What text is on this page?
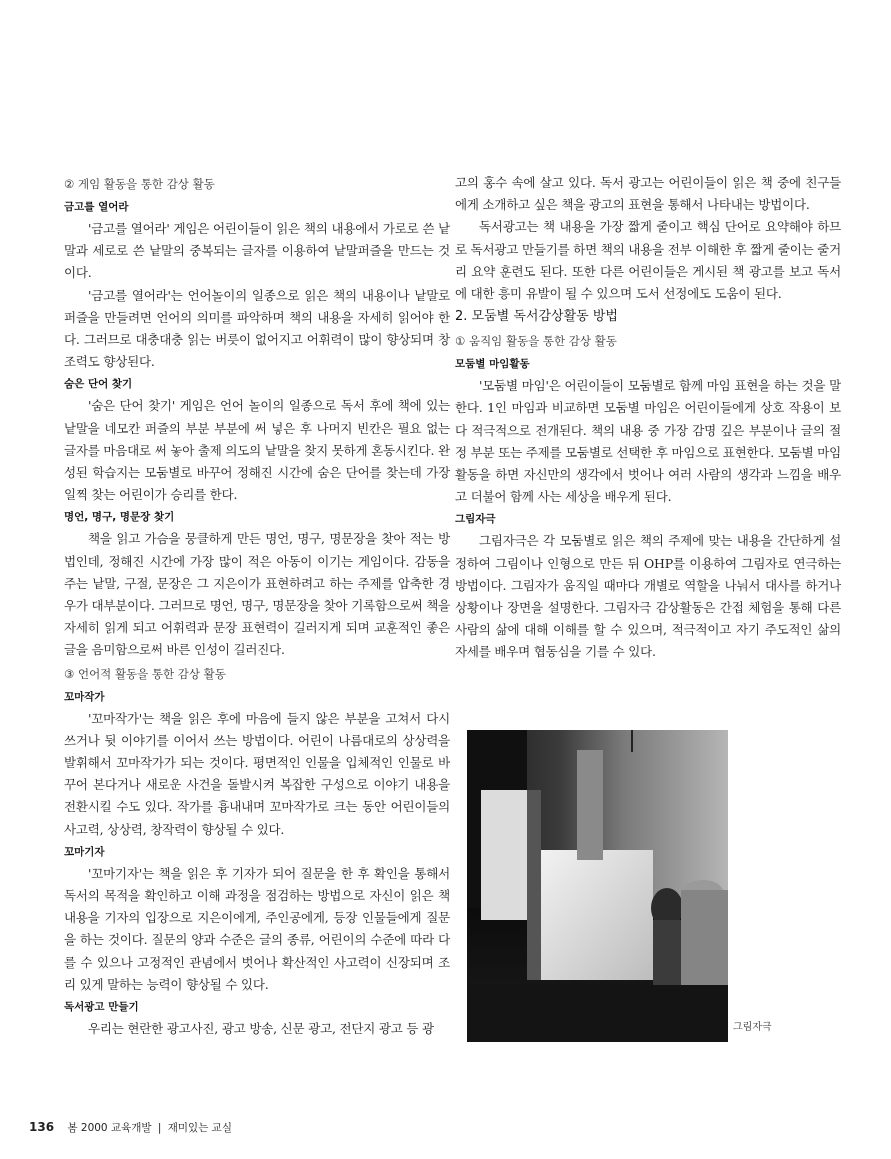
② 게임 활동을 통한 감상 활동
금고를 열어라

'금고를 열어라' 게임은 어린이들이 읽은 책의 내용에서 가로로 쓴 낱말과 세로로 쓴 낱말의 중복되는 글자를 이용하여 낱말퍼즐을 만드는 것이다.

'금고를 열어라'는 언어놀이의 일종으로 읽은 책의 내용이나 낱말로 퍼즐을 만들려면 언어의 의미를 파악하며 책의 내용을 자세히 읽어야 한다. 그러므로 대충대충 읽는 버릇이 없어지고 어휘력이 많이 향상되며 창조력도 향상된다.

숨은 단어 찾기

'숨은 단어 찾기' 게임은 언어 놀이의 일종으로 독서 후에 책에 있는 낱말을 네모칸 퍼즐의 부분 부분에 써 넣은 후 나머지 빈칸은 필요 없는 글자를 마음대로 써 놓아 출제 의도의 낱말을 찾지 못하게 혼동시킨다. 완성된 학습지는 모둠별로 바꾸어 정해진 시간에 숨은 단어를 찾는데 가장 일찍 찾는 어린이가 승리를 한다.

명언, 명구, 명문장 찾기

책을 읽고 가슴을 뭉클하게 만든 명언, 명구, 명문장을 찾아 적는 방법인데, 정해진 시간에 가장 많이 적은 아동이 이기는 게임이다. 감동을 주는 낱말, 구절, 문장은 그 지은이가 표현하려고 하는 주제를 압축한 경우가 대부분이다. 그러므로 명언, 명구, 명문장을 찾아 기록함으로써 책을 자세히 읽게 되고 어휘력과 문장 표현력이 길러지게 되며 교훈적인 좋은 글을 음미함으로써 바른 인성이 길러진다.

③ 언어적 활동을 통한 감상 활동
꼬마작가

'꼬마작가'는 책을 읽은 후에 마음에 들지 않은 부분을 고쳐서 다시 쓰거나 뒷 이야기를 이어서 쓰는 방법이다. 어린이 나름대로의 상상력을 발휘해서 꼬마작가가 되는 것이다. 평면적인 인물을 입체적인 인물로 바꾸어 본다거나 새로운 사건을 돌발시켜 복잡한 구성으로 이야기 내용을 전환시킬 수도 있다. 작가를 흉내내며 꼬마작가로 크는 동안 어린이들의 사고력, 상상력, 창작력이 향상될 수 있다.

꼬마기자

'꼬마기자'는 책을 읽은 후 기자가 되어 질문을 한 후 확인을 통해서 독서의 목적을 확인하고 이해 과정을 점검하는 방법으로 자신이 읽은 책 내용을 기자의 입장으로 지은이에게, 주인공에게, 등장 인물들에게 질문을 하는 것이다. 질문의 양과 수준은 글의 종류, 어린이의 수준에 따라 다를 수 있으나 고정적인 관념에서 벗어나 확산적인 사고력이 신장되며 조리 있게 말하는 능력이 향상될 수 있다.

독서광고 만들기

우리는 현란한 광고사진, 광고 방송, 신문 광고, 전단지 광고 등 광

고의 홍수 속에 살고 있다. 독서 광고는 어린이들이 읽은 책 중에 친구들에게 소개하고 싶은 책을 광고의 표현을 통해서 나타내는 방법이다.

독서광고는 책 내용을 가장 짧게 줄이고 핵심 단어로 요약해야 하므로 독서광고 만들기를 하면 책의 내용을 전부 이해한 후 짧게 줄이는 줄거리 요약 훈련도 된다. 또한 다른 어린이들은 게시된 책 광고를 보고 독서에 대한 흥미 유발이 될 수 있으며 도서 선정에도 도움이 된다.

2. 모둠별 독서감상활동 방법
① 움직임 활동을 통한 감상 활동
모둠별 마임활동

'모둠별 마임'은 어린이들이 모둠별로 함께 마임 표현을 하는 것을 말한다. 1인 마임과 비교하면 모둠별 마임은 어린이들에게 상호 작용이 보다 적극적으로 전개된다. 책의 내용 중 가장 감명 깊은 부분이나 글의 절정 부분 또는 주제를 모둠별로 선택한 후 마임으로 표현한다. 모둠별 마임활동을 하면 자신만의 생각에서 벗어나 여러 사람의 생각과 느낌을 배우고 더불어 함께 사는 세상을 배우게 된다.

그림자극

그림자극은 각 모둠별로 읽은 책의 주제에 맞는 내용을 간단하게 설정하여 그림이나 인형으로 만든 뒤 OHP를 이용하여 그림자로 연극하는 방법이다. 그림자가 움직일 때마다 개별로 역할을 나눠서 대사를 하거나 상황이나 장면을 설명한다. 그림자극 감상활동은 간접 체험을 통해 다른 사람의 삶에 대해 이해를 할 수 있으며, 적극적이고 자기 주도적인 삶의 자세를 배우며 협동심을 기를 수 있다.

그림자극
136 봄 2000 교육개발 | 재미있는 교실
